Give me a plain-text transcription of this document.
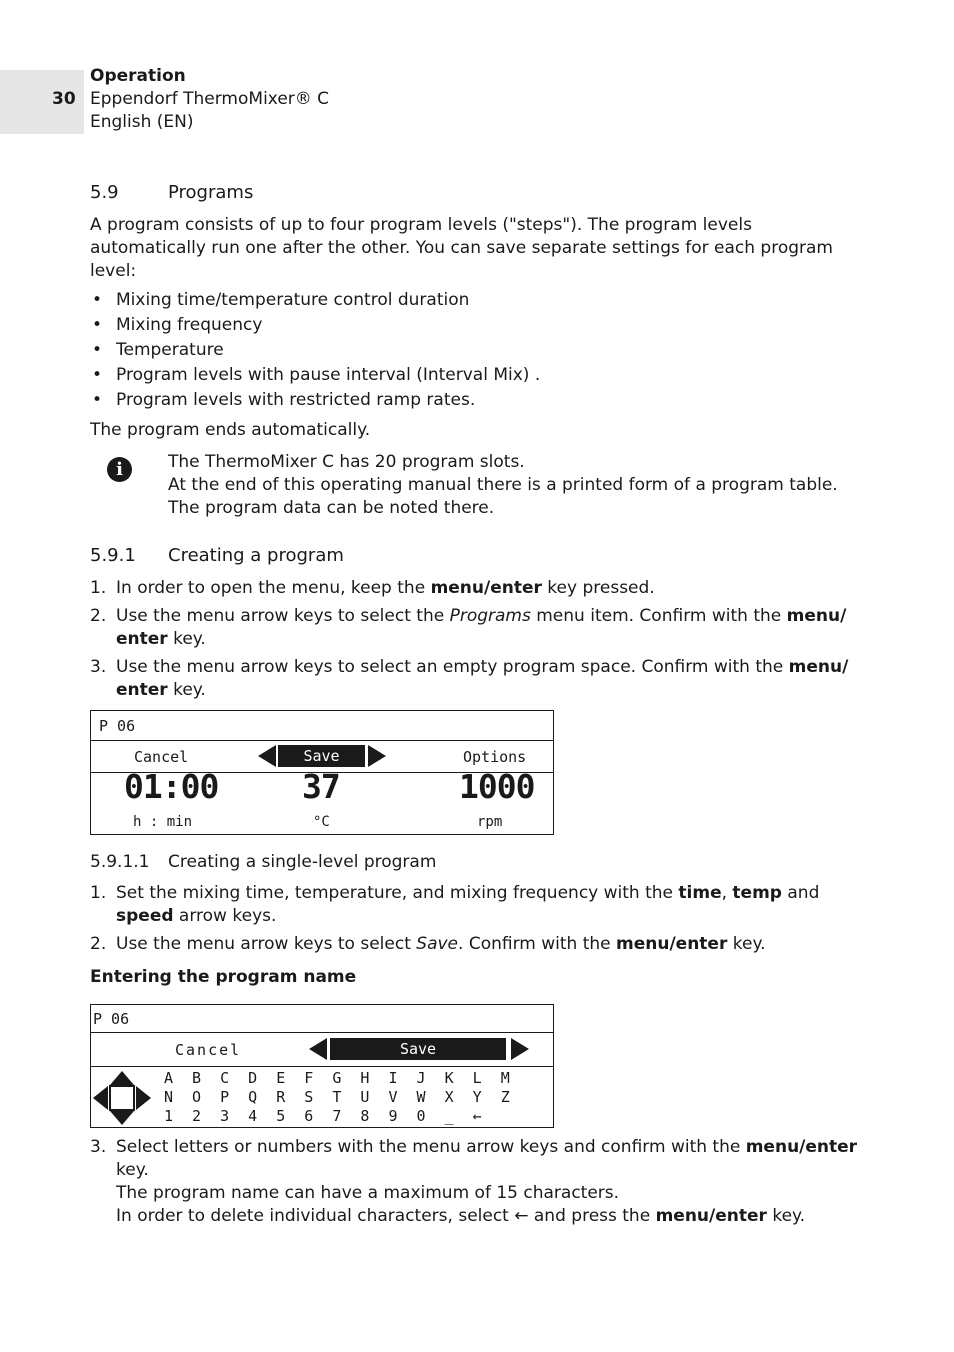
30
Operation
Eppendorf ThermoMixer® C
English (EN)
5.9	Programs

A program consists of up to four program levels ("steps"). The program levels automatically run one after the other. You can save separate settings for each program level:

• Mixing time/temperature control duration
• Mixing frequency
• Temperature
• Program levels with pause interval (Interval Mix) .
• Program levels with restricted ramp rates.

The program ends automatically.

i	The ThermoMixer C has 20 program slots.
At the end of this operating manual there is a printed form of a program table.
The program data can be noted there.
5.9.1 Creating a program
1. In order to open the menu, keep the menu/enter key pressed.
2. Use the menu arrow keys to select the Programs menu item. Confirm with the menu/ enter key.
3. Use the menu arrow keys to select an empty program space. Confirm with the menu/ enter key.
P 06
Cancel	Save	Options
01:00	37	1000
h : min	°C	rpm
5.9.1.1 Creating a single-level program
1. Set the mixing time, temperature, and mixing frequency with the time, temp and speed arrow keys.
2. Use the menu arrow keys to select Save. Confirm with the menu/enter key.
Entering the program name
P 06
Cancel	Save
A B C D E F G H I J K L M
N O P Q R S T U V W X Y Z
1 2 3 4 5 6 7 8 9 0 _ ←
3. Select letters or numbers with the menu arrow keys and confirm with the menu/enter key.
The program name can have a maximum of 15 characters.
In order to delete individual characters, select ← and press the menu/enter key.
